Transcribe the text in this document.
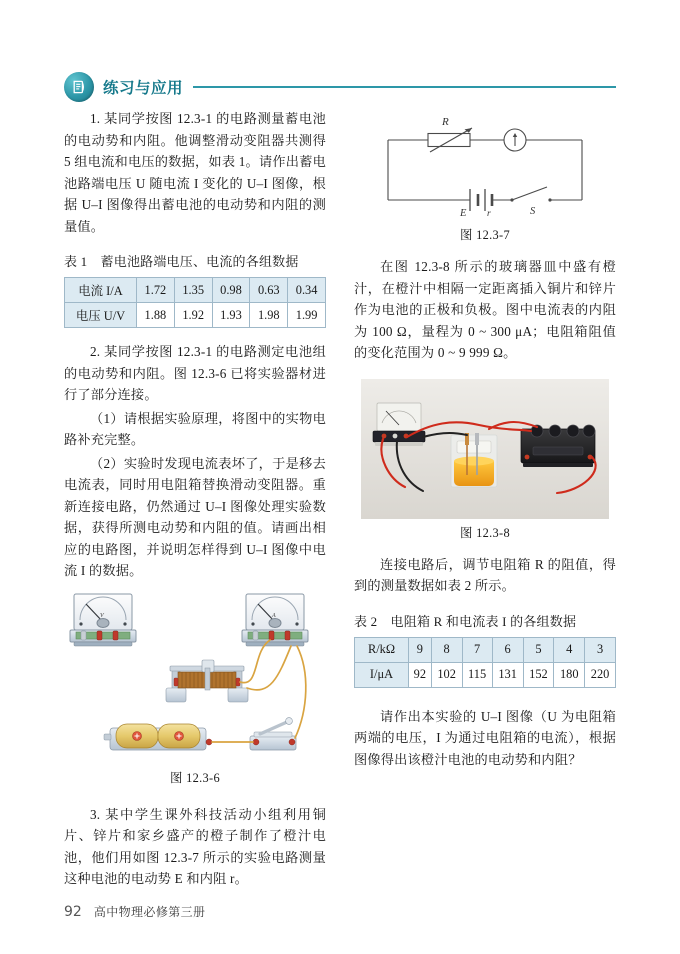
练习与应用

1. 某同学按图 12.3-1 的电路测量蓄电池的电动势和内阻。他调整滑动变阻器共测得 5 组电流和电压的数据，如表 1。请作出蓄电池路端电压 U 随电流 I 变化的 U–I 图像，根据 U–I 图像得出蓄电池的电动势和内阻的测量值。

表 1　蓄电池路端电压、电流的各组数据
电流 I/A	1.72	1.35	0.98	0.63	0.34
电压 U/V	1.88	1.92	1.93	1.98	1.99

2. 某同学按图 12.3-1 的电路测定电池组的电动势和内阻。图 12.3-6 已将实验器材进行了部分连接。

（1）请根据实验原理，将图中的实物电路补充完整。

（2）实验时发现电流表坏了，于是移去电流表，同时用电阻箱替换滑动变阻器。重新连接电路，仍然通过 U–I 图像处理实验数据，获得所测电动势和内阻的值。请画出相应的电路图，并说明怎样得到 U–I 图像中电流 I 的数据。

V	A
图 12.3-6

3. 某中学生课外科技活动小组利用铜片、锌片和家乡盛产的橙子制作了橙汁电池，他们用如图 12.3-7 所示的实验电路测量这种电池的电动势 E 和内阻 r。

R
E r	S
图 12.3-7

在图 12.3-8 所示的玻璃器皿中盛有橙汁，在橙汁中相隔一定距离插入铜片和锌片作为电池的正极和负极。图中电流表的内阻为 100 Ω，量程为 0 ~ 300 μA；电阻箱阻值的变化范围为 0 ~ 9 999 Ω。

图 12.3-8

连接电路后，调节电阻箱 R 的阻值，得到的测量数据如表 2 所示。

表 2　电阻箱 R 和电流表 I 的各组数据
R/kΩ	9	8	7	6	5	4	3
I/μA	92	102	115	131	152	180	220

请作出本实验的 U–I 图像（U 为电阻箱两端的电压，I 为通过电阻箱的电流），根据图像得出该橙汁电池的电动势和内阻？

92 高中物理必修第三册
